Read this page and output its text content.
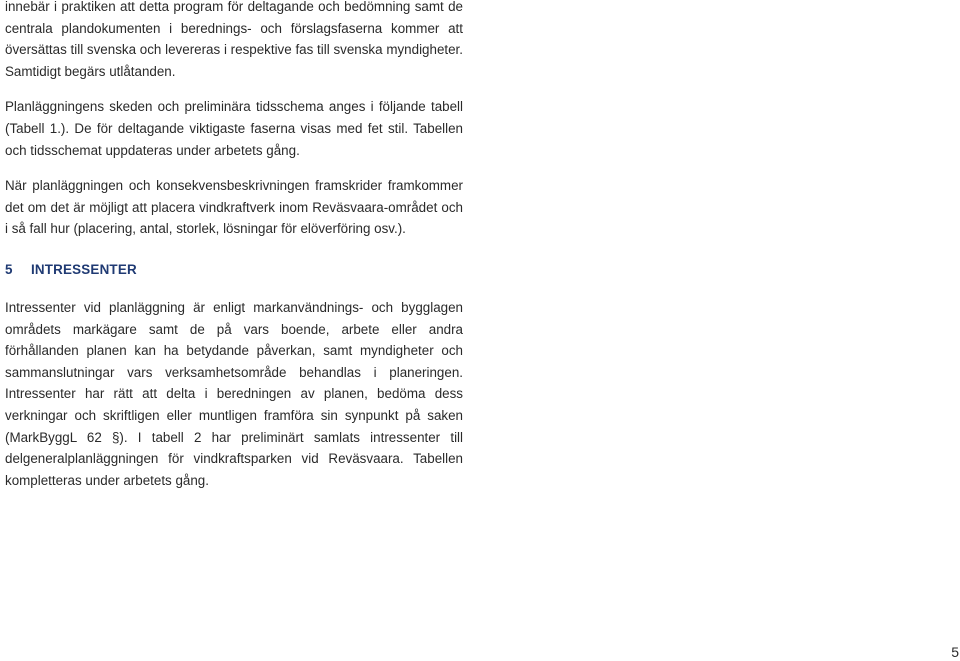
innebär i praktiken att detta program för deltagande och bedömning samt de centrala plandokumenten i berednings- och förslagsfaserna kommer att översättas till svenska och levereras i respektive fas till svenska myndigheter. Samtidigt begärs utlåtanden.

Planläggningens skeden och preliminära tidsschema anges i följande tabell (Tabell 1.). De för deltagande viktigaste faserna visas med fet stil. Tabellen och tidsschemat uppdateras under arbetets gång.

När planläggningen och konsekvensbeskrivningen framskrider framkommer det om det är möjligt att placera vindkraftverk inom Reväsvaara-området och i så fall hur (placering, antal, storlek, lösningar för elöverföring osv.).

5 INTRESSENTER

Intressenter vid planläggning är enligt markanvändnings- och bygglagen områdets markägare samt de på vars boende, arbete eller andra förhållanden planen kan ha betydande påverkan, samt myndigheter och sammanslutningar vars verksamhetsområde behandlas i planeringen. Intressenter har rätt att delta i beredningen av planen, bedöma dess verkningar och skriftligen eller muntligen framföra sin synpunkt på saken (MarkByggL 62 §). I tabell 2 har preliminärt samlats intressenter till delgeneralplanläggningen för vindkraftsparken vid Reväsvaara. Tabellen kompletteras under arbetets gång.

5
